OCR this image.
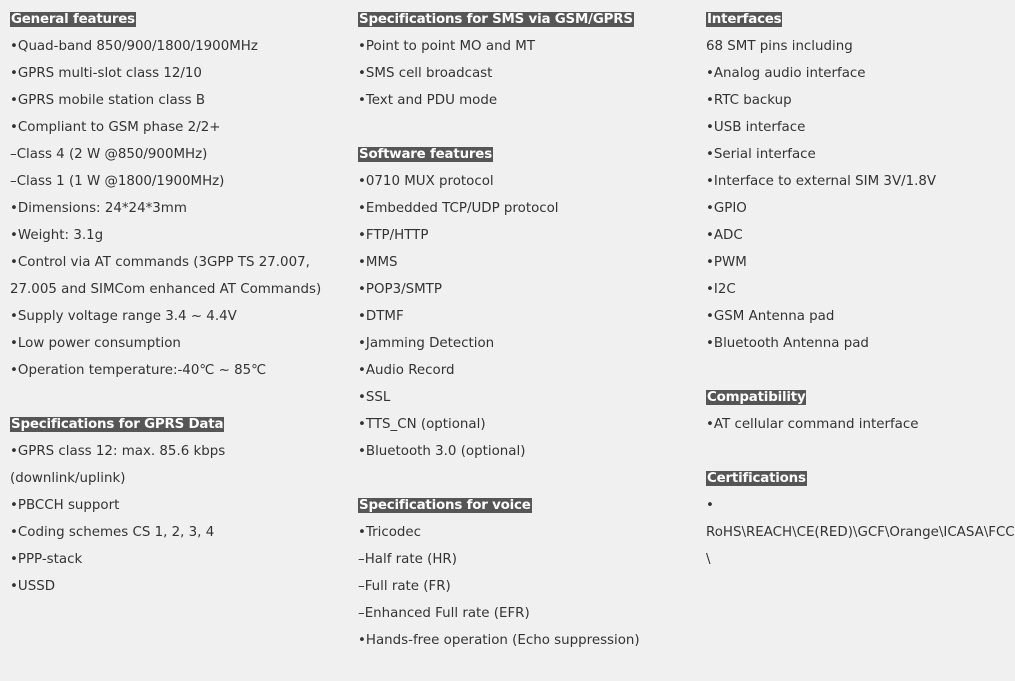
General features
•Quad-band 850/900/1800/1900MHz
•GPRS multi-slot class 12/10
•GPRS mobile station class B
•Compliant to GSM phase 2/2+
–Class 4 (2 W @850/900MHz)
–Class 1 (1 W @1800/1900MHz)
•Dimensions: 24*24*3mm
•Weight: 3.1g
•Control via AT commands (3GPP TS 27.007,
27.005 and SIMCom enhanced AT Commands)
•Supply voltage range 3.4 ~ 4.4V
•Low power consumption
•Operation temperature:-40℃ ~ 85℃
Specifications for GPRS Data
•GPRS class 12: max. 85.6 kbps
(downlink/uplink)
•PBCCH support
•Coding schemes CS 1, 2, 3, 4
•PPP-stack
•USSD
Specifications for SMS via GSM/GPRS
•Point to point MO and MT
•SMS cell broadcast
•Text and PDU mode
Software features
•0710 MUX protocol
•Embedded TCP/UDP protocol
•FTP/HTTP
•MMS
•POP3/SMTP
•DTMF
•Jamming Detection
•Audio Record
•SSL
•TTS_CN (optional)
•Bluetooth 3.0 (optional)
Specifications for voice
•Tricodec
–Half rate (HR)
–Full rate (FR)
–Enhanced Full rate (EFR)
•Hands-free operation (Echo suppression)
Interfaces
68 SMT pins including
•Analog audio interface
•RTC backup
•USB interface
•Serial interface
•Interface to external SIM 3V/1.8V
•GPIO
•ADC
•PWM
•I2C
•GSM Antenna pad
•Bluetooth Antenna pad
Compatibility
•AT cellular command interface
Certifications
•
RoHS\REACH\CE(RED)\GCF\Orange\ICASA\FCC
\
